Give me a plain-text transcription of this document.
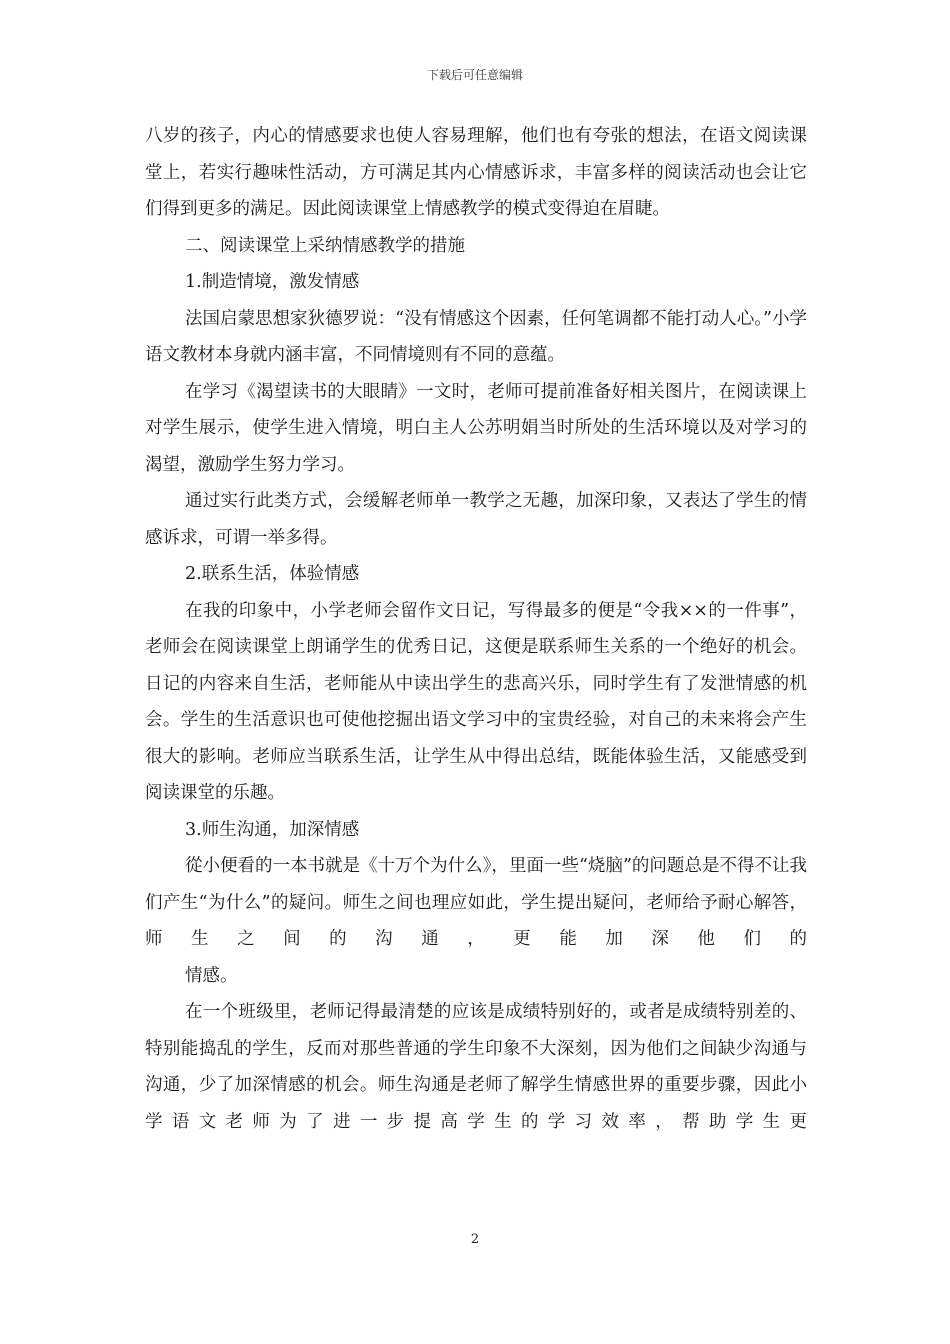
下载后可任意编辑

八岁的孩子，内心的情感要求也使人容易理解，他们也有夸张的想法，在语文阅读课堂上，若实行趣味性活动，方可满足其内心情感诉求，丰富多样的阅读活动也会让它们得到更多的满足。因此阅读课堂上情感教学的模式变得迫在眉睫。

二、阅读课堂上采纳情感教学的措施

1.制造情境，激发情感

法国启蒙思想家狄德罗说：“没有情感这个因素，任何笔调都不能打动人心。”小学语文教材本身就内涵丰富，不同情境则有不同的意蕴。

在学习《渴望读书的大眼睛》一文时，老师可提前准备好相关图片，在阅读课上对学生展示，使学生进入情境，明白主人公苏明娟当时所处的生活环境以及对学习的渴望，激励学生努力学习。

通过实行此类方式，会缓解老师单一教学之无趣，加深印象，又表达了学生的情感诉求，可谓一举多得。

2.联系生活，体验情感

在我的印象中，小学老师会留作文日记，写得最多的便是“令我××的一件事”，老师会在阅读课堂上朗诵学生的优秀日记，这便是联系师生关系的一个绝好的机会。日记的内容来自生活，老师能从中读出学生的悲高兴乐，同时学生有了发泄情感的机会。学生的生活意识也可使他挖掘出语文学习中的宝贵经验，对自己的未来将会产生很大的影响。老师应当联系生活，让学生从中得出总结，既能体验生活，又能感受到阅读课堂的乐趣。

3.师生沟通，加深情感

從小便看的一本书就是《十万个为什么》，里面一些“烧脑”的问题总是不得不让我们产生“为什么”的疑问。师生之间也理应如此，学生提出疑问，老师给予耐心解答，师生之间的沟通，更能加深他们的

情感。

在一个班级里，老师记得最清楚的应该是成绩特别好的，或者是成绩特别差的、特别能捣乱的学生，反而对那些普通的学生印象不大深刻，因为他们之间缺少沟通与沟通，少了加深情感的机会。师生沟通是老师了解学生情感世界的重要步骤，因此小学语文老师为了进一步提高学生的学习效率，帮助学生更

2
